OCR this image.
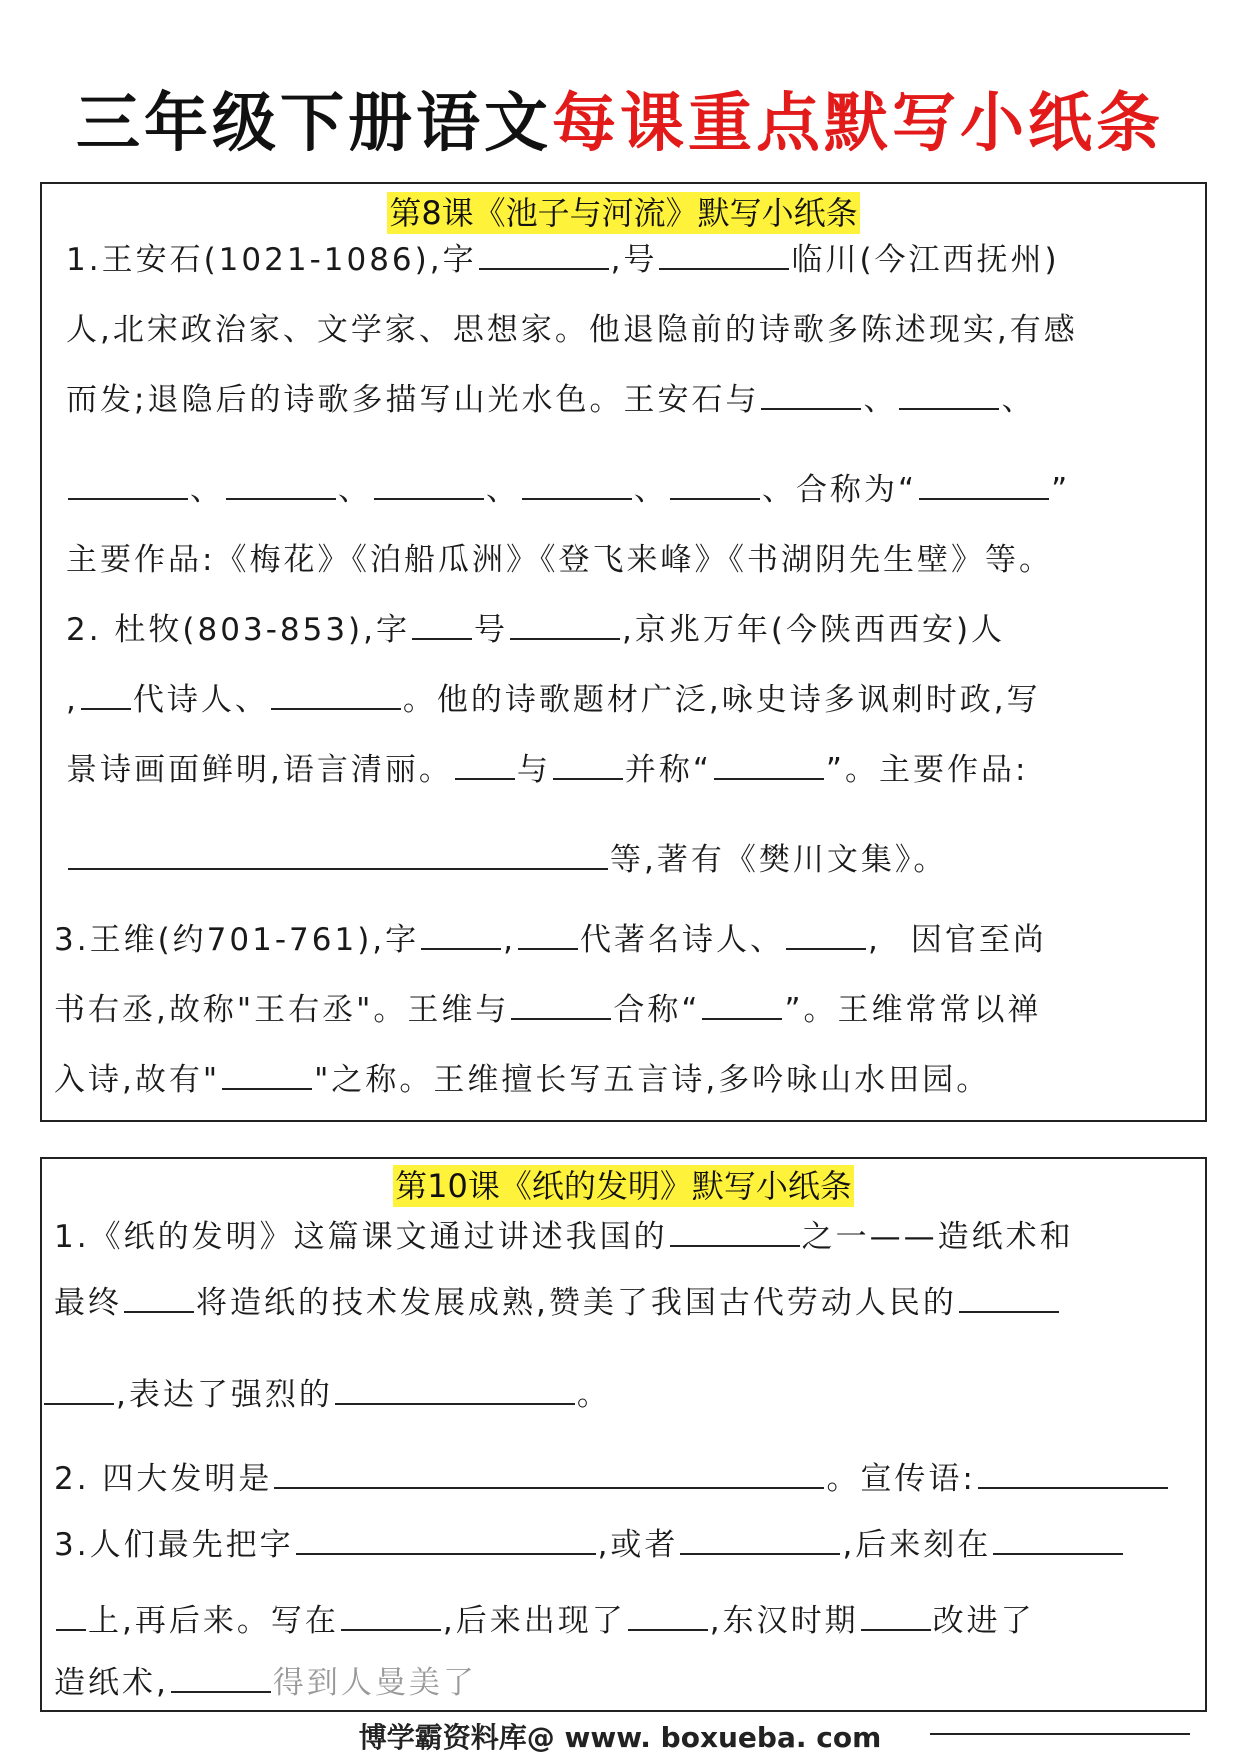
三年级下册语文每课重点默写小纸条
第8课《池子与河流》默写小纸条
1.王安石(1021-1086),字	,号	临川(今江西抚州)
人,北宋政治家、文学家、思想家。他退隐前的诗歌多陈述现实,有感
而发;退隐后的诗歌多描写山光水色。王安石与	、	、
、	、	、	、	、合称为“	”
主要作品:《梅花》《泊船瓜洲》《登飞来峰》《书湖阴先生壁》等。
2. 杜牧(803-853),字 号	,京兆万年(今陕西西安)人
, 代诗人、	。他的诗歌题材广泛,咏史诗多讽刺时政,写
景诗画面鲜明,语言清丽。 与 并称“	”。主要作品:
等,著有《樊川文集》。
3.王维(约701-761),字	, 代著名诗人、	, 因官至尚
书右丞,故称"王右丞"。王维与	合称“	”。王维常常以禅
入诗,故有"	"之称。王维擅长写五言诗,多吟咏山水田园。
第10课《纸的发明》默写小纸条
1.《纸的发明》这篇课文通过讲述我国的	之一——造纸术和
最终 将造纸的技术发展成熟,赞美了我国古代劳动人民的
,表达了强烈的	。
2. 四大发明是	。宣传语:
3.人们最先把字	,或者	,后来刻在
上,再后来。写在	,后来出现了	,东汉时期 改进了
造纸术,	得到人曼美了
博学霸资料库@ www. boxueba. com
